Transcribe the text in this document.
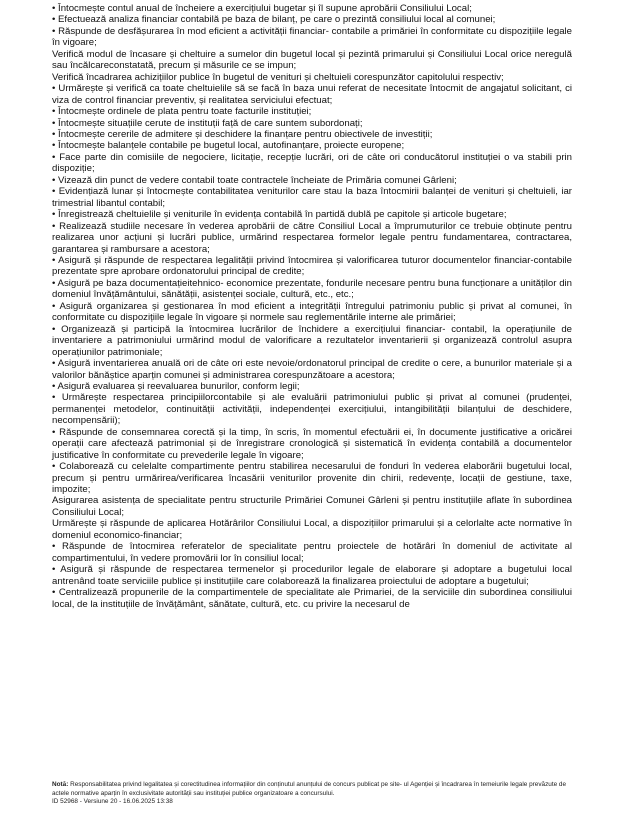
• Întocmește contul anual de încheiere a exercițiului bugetar și îl supune aprobării Consiliului Local;

• Efectuează analiza financiar contabilă pe baza de bilanț, pe care o prezintă consiliului local al comunei;

• Răspunde de desfășurarea în mod eficient a activității financiar- contabile a primăriei în conformitate cu dispozițiile legale în vigoare;

Verifică modul de încasare și cheltuire a sumelor din bugetul local și pezintă primarului și Consiliului Local orice neregulă sau încălcareconstatată, precum și măsurile ce se impun;

Verifică încadrarea achizițiilor publice în bugetul de venituri și cheltuieli corespunzător capitolului respectiv;

• Urmărește și verifică ca toate cheltuielile să se facă în baza unui referat de necesitate întocmit de angajatul solicitant, ci viza de control financiar preventiv, și realitatea serviciului efectuat;

• Întocmește ordinele de plata pentru toate facturile instituției;

• Întocmește situațiile cerute de instituții față de care suntem subordonați;

• Întocmește cererile de admitere și deschidere la finanțare pentru obiectivele de investiții;

• Întocmește balanțele contabile pe bugetul local, autofinanțare, proiecte europene;

• Face parte din comisiile de negociere, licitație, recepție lucrări, ori de câte ori conducătorul instituției o va stabili prin dispoziție;

• Vizează din punct de vedere contabil toate contractele încheiate de Primăria comunei Gârleni;

• Evidențiază lunar și întocmește contabilitatea veniturilor care stau la baza întocmirii balanței de venituri și cheltuieli, iar trimestrial libantul contabil;

• Înregistrează cheltuielile și veniturile în evidența contabilă în partidă dublă pe capitole și articole bugetare;

• Realizează studiile necesare în vederea aprobării de către Consiliul Local a împrumuturilor ce trebuie obținute pentru realizarea unor acțiuni și lucrări publice, urmărind respectarea formelor legale pentru fundamentarea, contractarea, garantarea și rambursare a acestora;

• Asigură și răspunde de respectarea legalității privind întocmirea și valorificarea tuturor documentelor financiar-contabile prezentate spre aprobare ordonatorului principal de credite;

• Asigură pe baza documentațieitehnico- economice prezentate, fondurile necesare pentru buna funcționare a unităților din domeniul învățământului, sănătății, asistenței sociale, cultură, etc., etc.;

• Asigură organizarea și gestionarea în mod eficient a integrității întregului patrimoniu public și privat al comunei, în conformitate cu dispozițiile legale în vigoare și normele sau reglementările interne ale primăriei;

• Organizează și participă la întocmirea lucrărilor de închidere a exercițiului financiar- contabil, la operațiunile de inventariere a patrimoniului urmărind modul de valorificare a rezultatelor inventarierii și organizează controlul asupra operațiunilor patrimoniale;

• Asigură inventarierea anuală ori de câte ori este nevoie/ordonatorul principal de credite o cere, a bunurilor materiale și a valorilor bănăștice aparțin comunei și administrarea corespunzătoare a acestora;

• Asigură evaluarea și reevaluarea bunurilor, conform legii;

• Urmărește respectarea principiilorcontabile și ale evaluării patrimoniului public și privat al comunei (prudenței, permanenței metodelor, continuității activității, independenței exercițiului, intangibilității bilanțului de deschidere, necompensării);

• Răspunde de consemnarea corectă și la timp, în scris, în momentul efectuării ei, în documente justificative a oricărei operații care afectează patrimonial și de înregistrare cronologică și sistematică în evidența contabilă a documentelor justificative în conformitate cu prevederile legale în vigoare;

• Colaborează cu celelalte compartimente pentru stabilirea necesarului de fonduri în vederea elaborării bugetului local, precum și pentru urmărirea/verificarea încasării veniturilor provenite din chirii, redevențe, locații de gestiune, taxe, impozite;

Asigurarea asistența de specialitate pentru structurile Primăriei Comunei Gârleni și pentru instituțiile aflate în subordinea Consiliului Local;

Urmărește și răspunde de aplicarea Hotărârilor Consiliului Local, a dispozițiilor primarului și a celorlalte acte normative în domeniul economico-financiar;

• Răspunde de întocmirea referatelor de specialitate pentru proiectele de hotărâri în domeniul de activitate al compartimentului, în vedere promovării lor în consiliul local;

• Asigură și răspunde de respectarea termenelor și procedurilor legale de elaborare și adoptare a bugetului local antrenând toate serviciile publice și instituțiile care colaborează la finalizarea proiectului de adoptare a bugetului;

• Centralizează propunerile de la compartimentele de specialitate ale Primariei, de la serviciile din subordinea consiliului local, de la instituțiile de învățământ, sănătate, cultură, etc. cu privire la necesarul de

Notă: Responsabilitatea privind legalitatea și corectitudinea informațiilor din conținutul anunțului de concurs publicat pe site- ul Agenției și încadrarea în temeiurile legale prevăzute de actele normative aparțin în exclusivitate autorității sau instituției publice organizatoare a concursului.
ID 52968 - Versiune 20 - 16.06.2025 13:38
